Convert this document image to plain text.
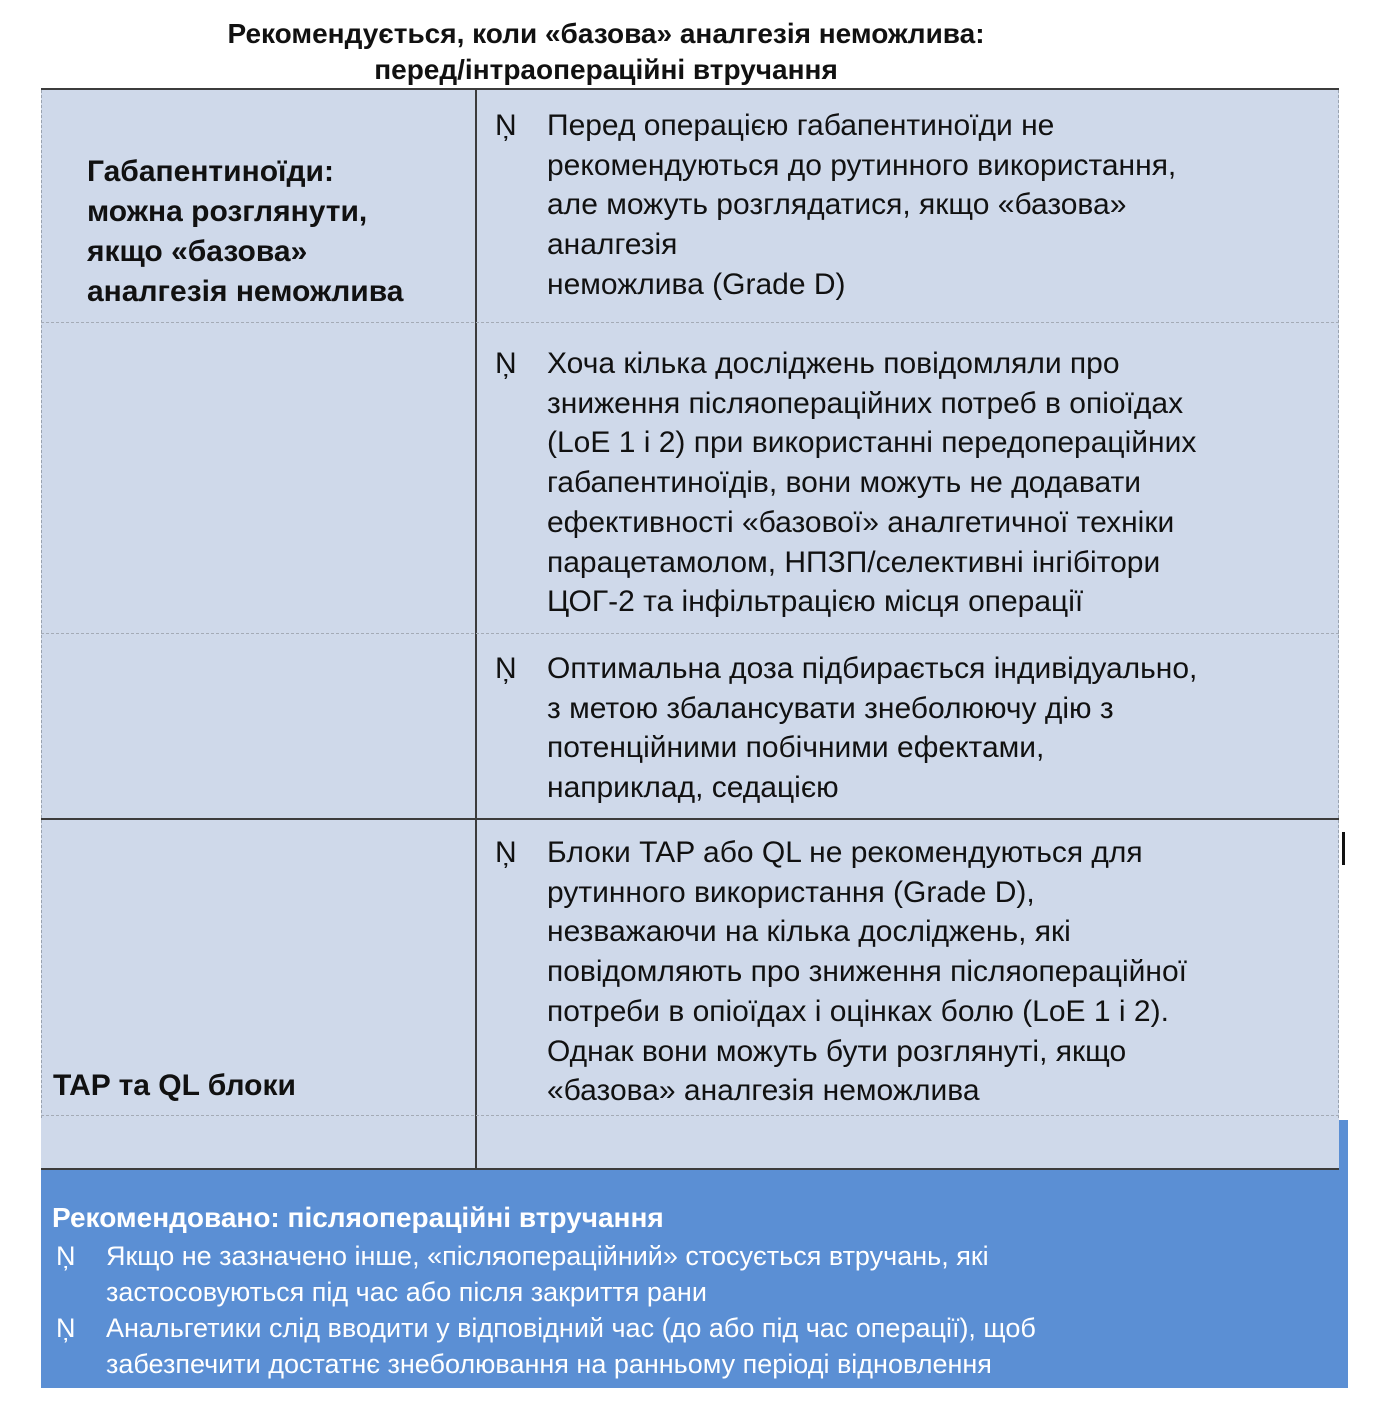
Рекомендується, коли «базова» аналгезія неможлива:
перед/інтраопераційні втручання
Габапентиноїди:
можна розглянути,
якщо «базова»
аналгезія неможлива
TAP та QL блоки
Ņ Перед операцією габапентиноїди не
рекомендуються до рутинного використання,
але можуть розглядатися, якщо «базова»
аналгезія
неможлива (Grade D)
Ņ Хоча кілька досліджень повідомляли про
зниження післяопераційних потреб в опіоїдах
(LoE 1 і 2) при використанні передопераційних
габапентиноїдів, вони можуть не додавати
ефективності «базової» аналгетичної техніки
парацетамолом, НПЗП/селективні інгібітори
ЦОГ-2 та інфільтрацією місця операції
Ņ Оптимальна доза підбирається індивідуально,
з метою збалансувати знеболюючу дію з
потенційними побічними ефектами,
наприклад, седацією
Ņ Блоки TAP або QL не рекомендуються для
рутинного використання (Grade D),
незважаючи на кілька досліджень, які
повідомляють про зниження післяопераційної
потреби в опіоїдах і оцінках болю (LoE 1 і 2).
Однак вони можуть бути розглянуті, якщо
«базова» аналгезія неможлива
Рекомендовано: післяопераційні втручання
Ņ Якщо не зазначено інше, «післяопераційний» стосується втручань, які
застосовуються під час або після закриття рани
Ņ Анальгетики слід вводити у відповідний час (до або під час операції), щоб
забезпечити достатнє знеболювання на ранньому періоді відновлення
